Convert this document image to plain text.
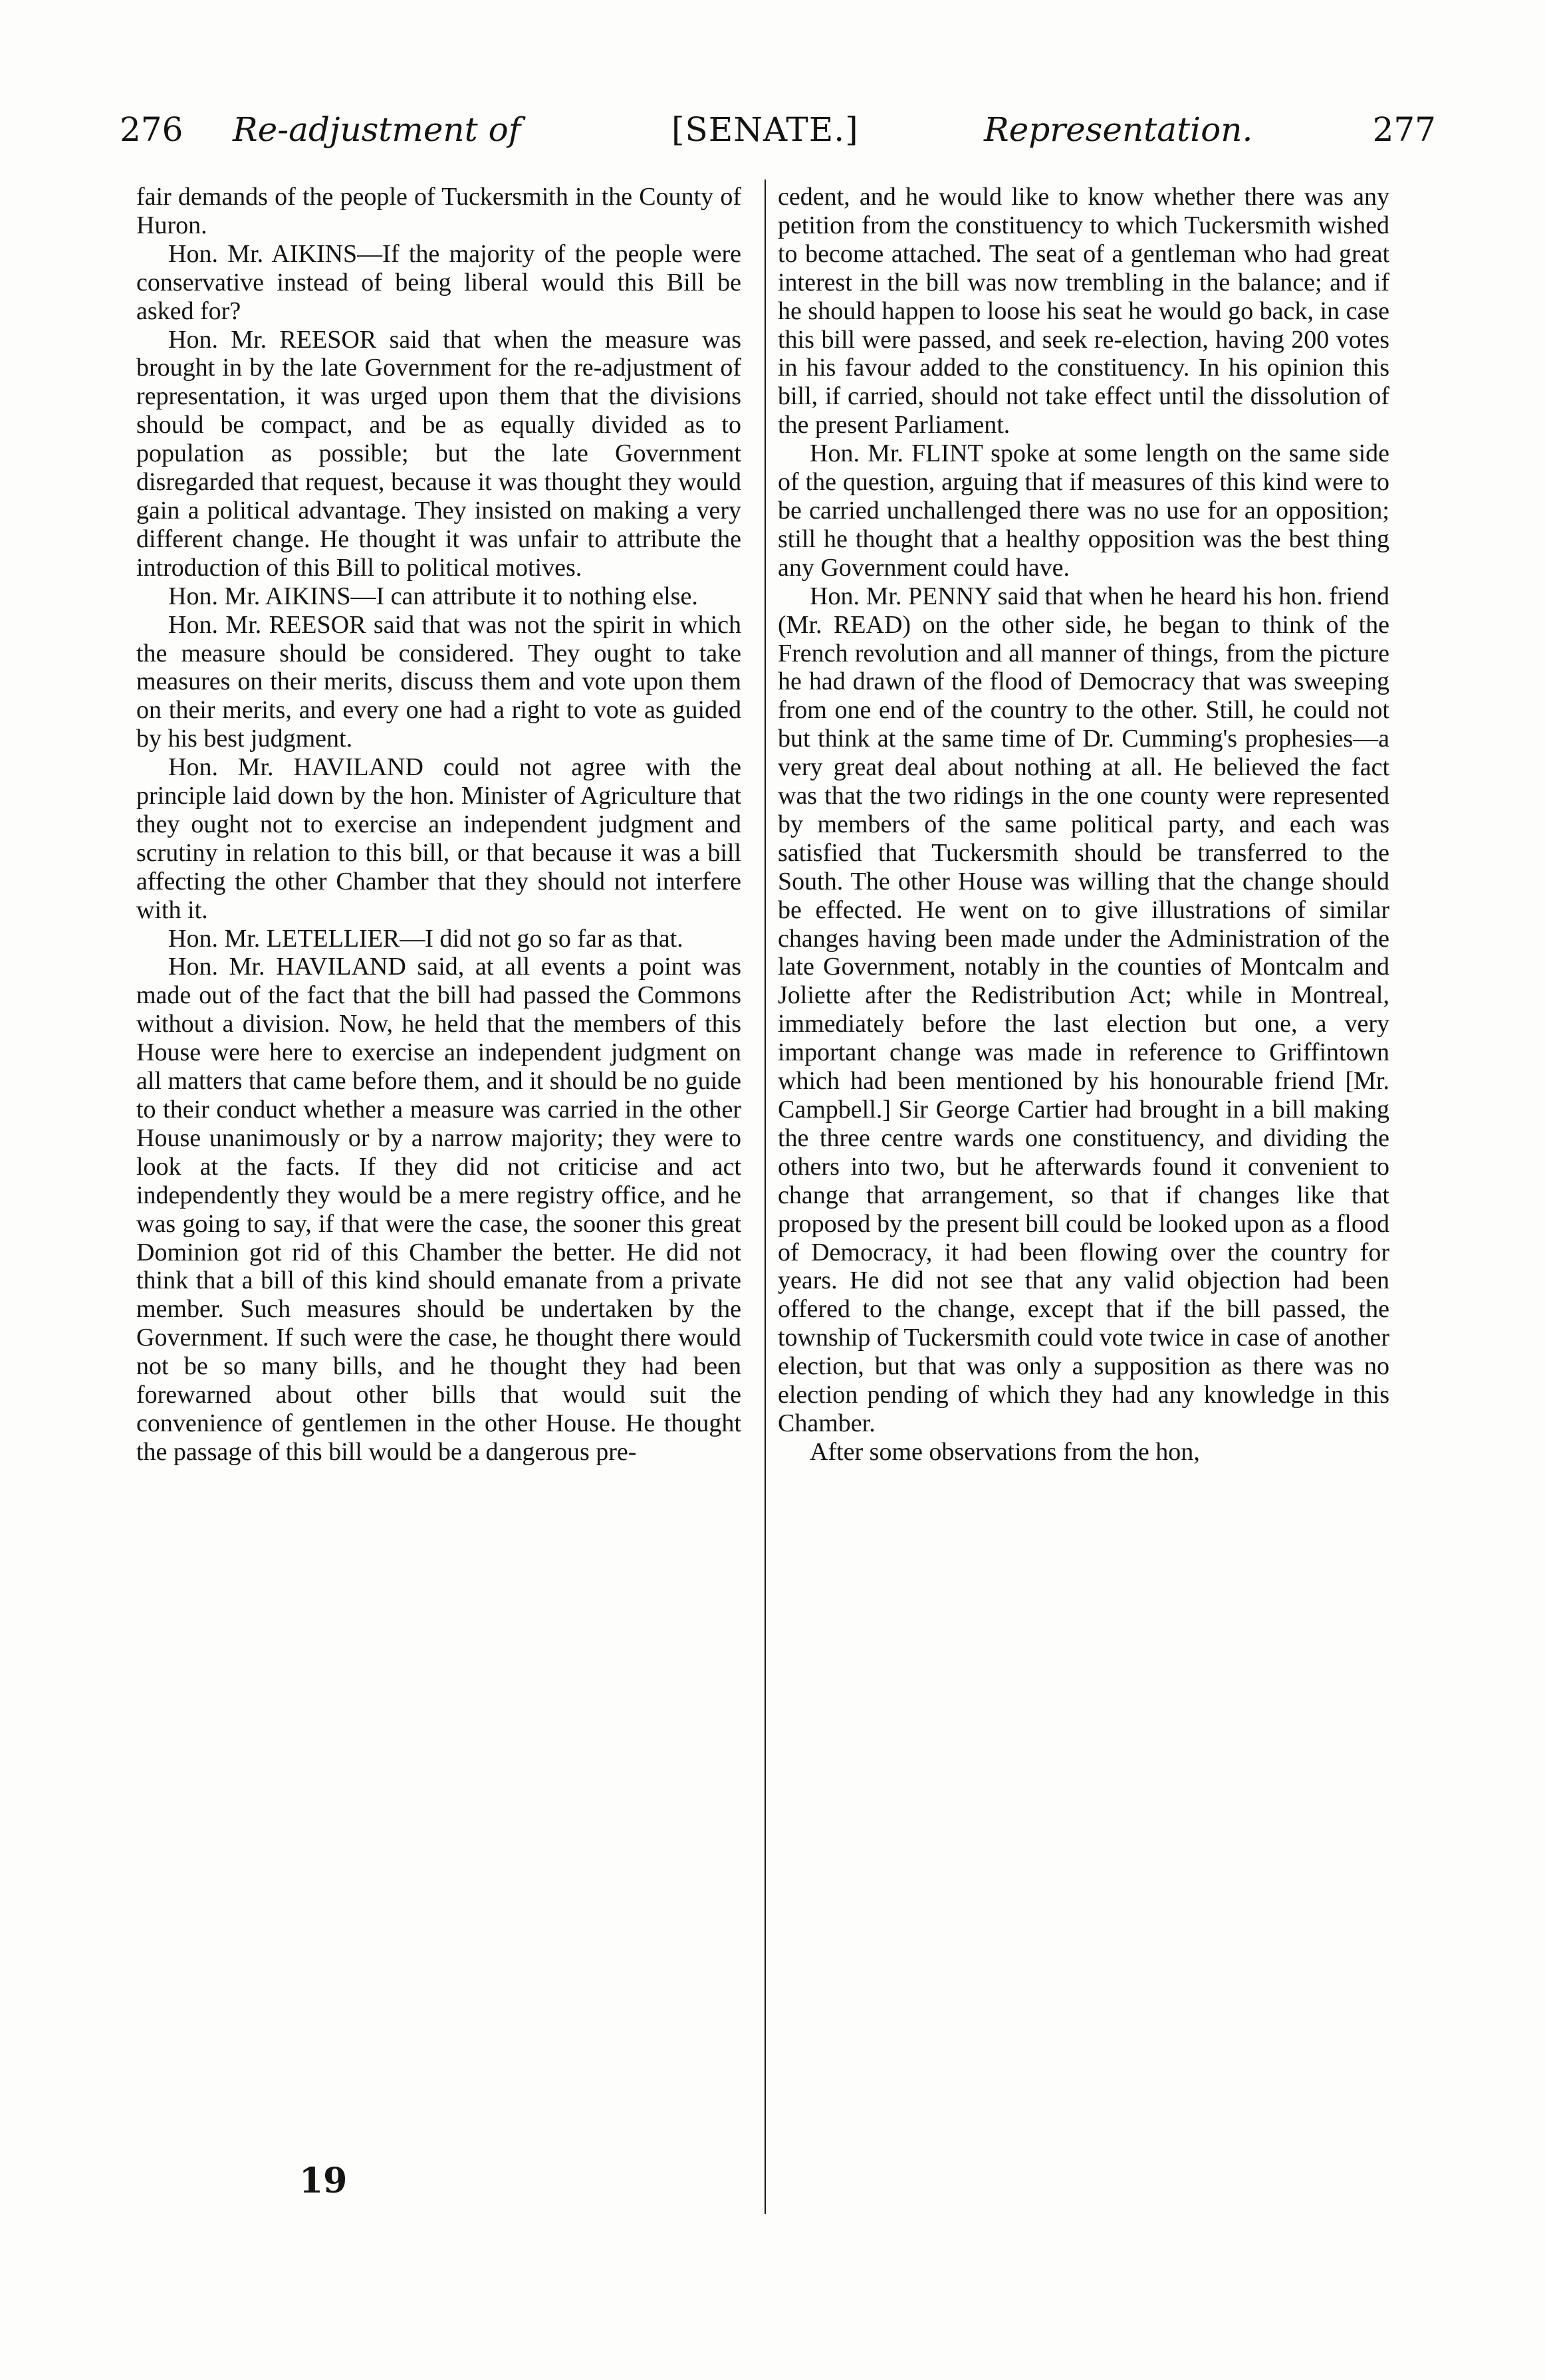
276 Re-adjustment of	[SENATE.]	Representation.	277

fair demands of the people of Tuckersmith in the County of Huron.

Hon. Mr. AIKINS—If the majority of the people were conservative instead of being liberal would this Bill be asked for?

Hon. Mr. REESOR said that when the measure was brought in by the late Government for the re-adjustment of representation, it was urged upon them that the divisions should be compact, and be as equally divided as to population as possible; but the late Government disregarded that request, because it was thought they would gain a political advantage. They insisted on making a very different change. He thought it was unfair to attribute the introduction of this Bill to political motives.

Hon. Mr. AIKINS—I can attribute it to nothing else.

Hon. Mr. REESOR said that was not the spirit in which the measure should be considered. They ought to take measures on their merits, discuss them and vote upon them on their merits, and every one had a right to vote as guided by his best judgment.

Hon. Mr. HAVILAND could not agree with the principle laid down by the hon. Minister of Agriculture that they ought not to exercise an independent judgment and scrutiny in relation to this bill, or that because it was a bill affecting the other Chamber that they should not interfere with it.

Hon. Mr. LETELLIER—I did not go so far as that.

Hon. Mr. HAVILAND said, at all events a point was made out of the fact that the bill had passed the Commons without a division. Now, he held that the members of this House were here to exercise an independent judgment on all matters that came before them, and it should be no guide to their conduct whether a measure was carried in the other House unanimously or by a narrow majority; they were to look at the facts. If they did not criticise and act independently they would be a mere registry office, and he was going to say, if that were the case, the sooner this great Dominion got rid of this Chamber the better. He did not think that a bill of this kind should emanate from a private member. Such measures should be undertaken by the Government. If such were the case, he thought there would not be so many bills, and he thought they had been forewarned about other bills that would suit the convenience of gentlemen in the other House. He thought the passage of this bill would be a dangerous pre-

cedent, and he would like to know whether there was any petition from the constituency to which Tuckersmith wished to become attached. The seat of a gentleman who had great interest in the bill was now trembling in the balance; and if he should happen to loose his seat he would go back, in case this bill were passed, and seek re-election, having 200 votes in his favour added to the constituency. In his opinion this bill, if carried, should not take effect until the dissolution of the present Parliament.

Hon. Mr. FLINT spoke at some length on the same side of the question, arguing that if measures of this kind were to be carried unchallenged there was no use for an opposition; still he thought that a healthy opposition was the best thing any Government could have.

Hon. Mr. PENNY said that when he heard his hon. friend (Mr. READ) on the other side, he began to think of the French revolution and all manner of things, from the picture he had drawn of the flood of Democracy that was sweeping from one end of the country to the other. Still, he could not but think at the same time of Dr. Cumming's prophesies—a very great deal about nothing at all. He believed the fact was that the two ridings in the one county were represented by members of the same political party, and each was satisfied that Tuckersmith should be transferred to the South. The other House was willing that the change should be effected. He went on to give illustrations of similar changes having been made under the Administration of the late Government, notably in the counties of Montcalm and Joliette after the Redistribution Act; while in Montreal, immediately before the last election but one, a very important change was made in reference to Griffintown which had been mentioned by his honourable friend [Mr. Campbell.] Sir George Cartier had brought in a bill making the three centre wards one constituency, and dividing the others into two, but he afterwards found it convenient to change that arrangement, so that if changes like that proposed by the present bill could be looked upon as a flood of Democracy, it had been flowing over the country for years. He did not see that any valid objection had been offered to the change, except that if the bill passed, the township of Tuckersmith could vote twice in case of another election, but that was only a supposition as there was no election pending of which they had any knowledge in this Chamber.

After some observations from the hon,

19
